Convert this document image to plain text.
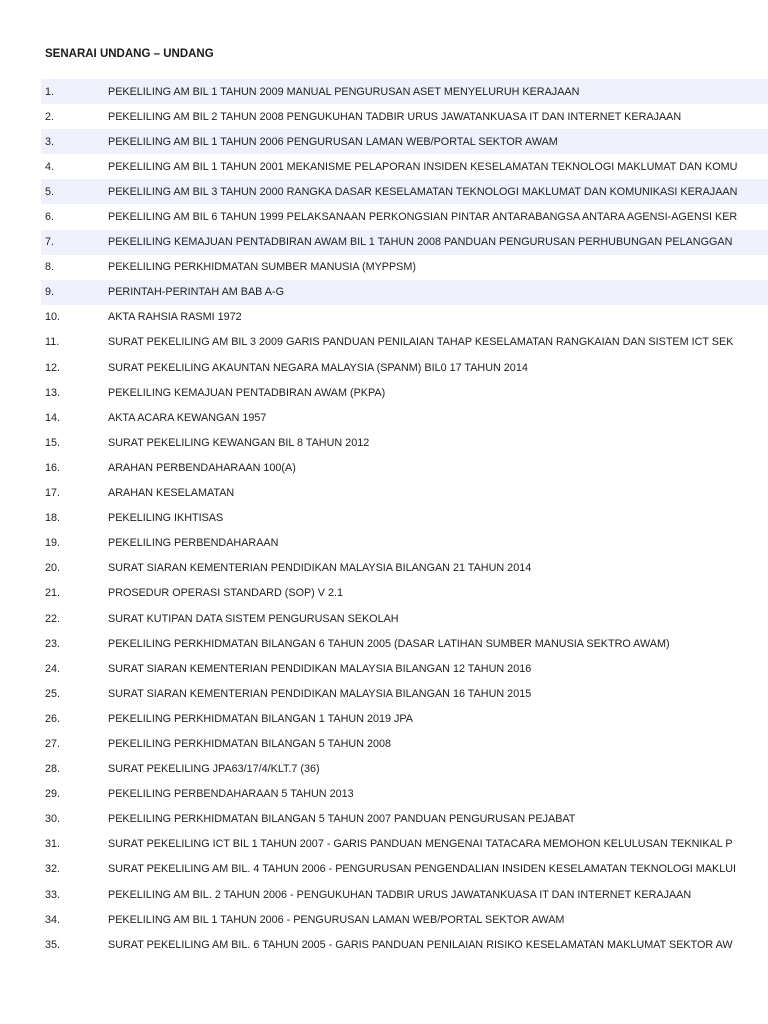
SENARAI UNDANG – UNDANG
1.	PEKELILING AM BIL 1 TAHUN 2009 MANUAL PENGURUSAN ASET MENYELURUH KERAJAAN
2.	PEKELILING AM BIL 2 TAHUN 2008 PENGUKUHAN TADBIR URUS JAWATANKUASA IT DAN INTERNET KERAJAAN
3.	PEKELILING AM BIL 1 TAHUN 2006 PENGURUSAN LAMAN WEB/PORTAL SEKTOR AWAM
4.	PEKELILING AM BIL 1 TAHUN 2001 MEKANISME PELAPORAN INSIDEN KESELAMATAN TEKNOLOGI MAKLUMAT DAN KOMU
5.	PEKELILING AM BIL 3 TAHUN 2000 RANGKA DASAR KESELAMATAN TEKNOLOGI MAKLUMAT DAN KOMUNIKASI KERAJAAN
6.	PEKELILING AM BIL 6 TAHUN 1999 PELAKSANAAN PERKONGSIAN PINTAR ANTARABANGSA ANTARA AGENSI-AGENSI KER
7.	PEKELILING KEMAJUAN PENTADBIRAN AWAM BIL 1 TAHUN 2008 PANDUAN PENGURUSAN PERHUBUNGAN PELANGGAN
8.	PEKELILING PERKHIDMATAN SUMBER MANUSIA (MYPPSM)
9.	PERINTAH-PERINTAH AM BAB A-G
10.	AKTA RAHSIA RASMI 1972
11.	SURAT PEKELILING AM BIL 3 2009 GARIS PANDUAN PENILAIAN TAHAP KESELAMATAN RANGKAIAN DAN SISTEM ICT SEK
12.	SURAT PEKELILING AKAUNTAN NEGARA MALAYSIA (SPANM) BIL0 17 TAHUN 2014
13.	PEKELILING KEMAJUAN PENTADBIRAN AWAM (PKPA)
14.	AKTA ACARA KEWANGAN 1957
15.	SURAT PEKELILING KEWANGAN BIL 8 TAHUN 2012
16.	ARAHAN PERBENDAHARAAN 100(A)
17.	ARAHAN KESELAMATAN
18.	PEKELILING IKHTISAS
19.	PEKELILING PERBENDAHARAAN
20.	SURAT SIARAN KEMENTERIAN PENDIDIKAN MALAYSIA BILANGAN 21 TAHUN 2014
21.	PROSEDUR OPERASI STANDARD (SOP) V 2.1
22.	SURAT KUTIPAN DATA SISTEM PENGURUSAN SEKOLAH
23.	PEKELILING PERKHIDMATAN BILANGAN 6 TAHUN 2005 (DASAR LATIHAN SUMBER MANUSIA SEKTRO AWAM)
24.	SURAT SIARAN KEMENTERIAN PENDIDIKAN MALAYSIA BILANGAN 12 TAHUN 2016
25.	SURAT SIARAN KEMENTERIAN PENDIDIKAN MALAYSIA BILANGAN 16 TAHUN 2015
26.	PEKELILING PERKHIDMATAN BILANGAN 1 TAHUN 2019 JPA
27.	PEKELILING PERKHIDMATAN BILANGAN 5 TAHUN 2008
28.	SURAT PEKELILING JPA63/17/4/KLT.7 (36)
29.	PEKELILING PERBENDAHARAAN 5 TAHUN 2013
30.	PEKELILING PERKHIDMATAN BILANGAN 5 TAHUN 2007 PANDUAN PENGURUSAN PEJABAT
31.	SURAT PEKELILING ICT BIL 1 TAHUN 2007 - GARIS PANDUAN MENGENAI TATACARA MEMOHON KELULUSAN TEKNIKAL P
32.	SURAT PEKELILING AM BIL. 4 TAHUN 2006 - PENGURUSAN PENGENDALIAN INSIDEN KESELAMATAN TEKNOLOGI MAKLUI
33.	PEKELILING AM BIL. 2 TAHUN 2006 - PENGUKUHAN TADBIR URUS JAWATANKUASA IT DAN INTERNET KERAJAAN
34.	PEKELILING AM BIL 1 TAHUN 2006 - PENGURUSAN LAMAN WEB/PORTAL SEKTOR AWAM
35.	SURAT PEKELILING AM BIL. 6 TAHUN 2005 - GARIS PANDUAN PENILAIAN RISIKO KESELAMATAN MAKLUMAT SEKTOR AW
